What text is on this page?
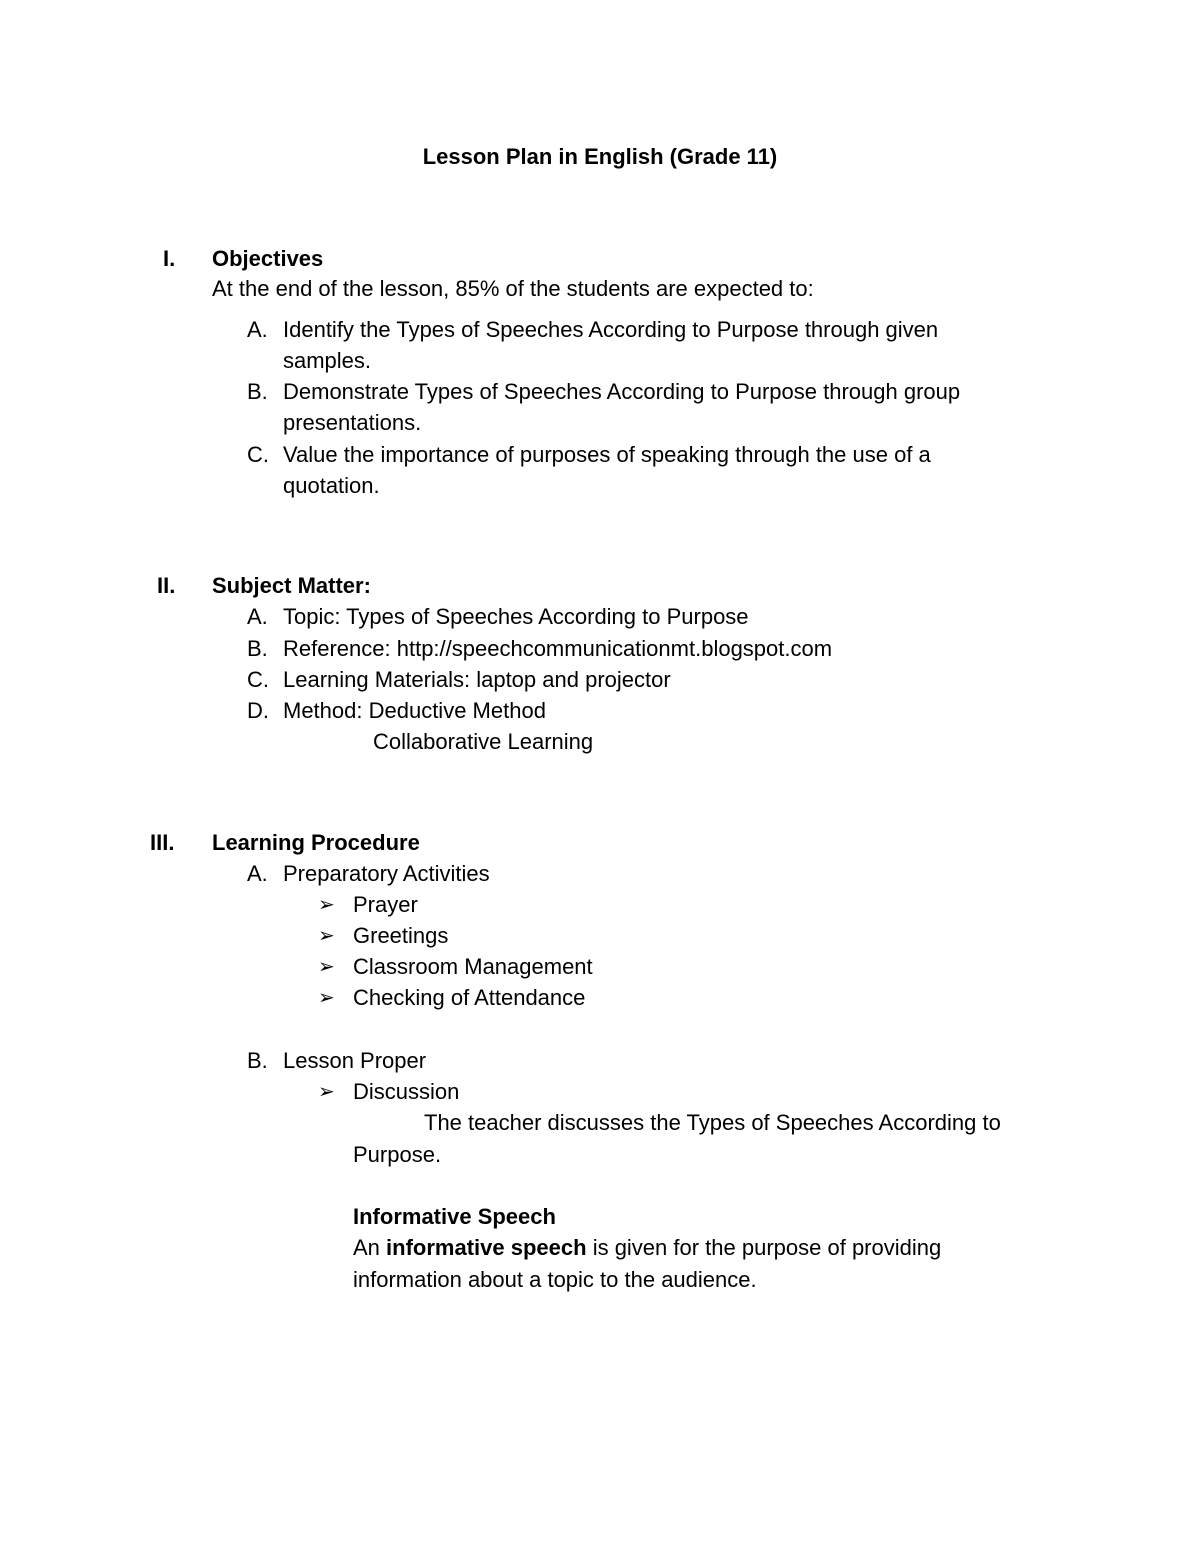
Lesson Plan in English (Grade 11)
I. Objectives
At the end of the lesson, 85% of the students are expected to:
A. Identify the Types of Speeches According to Purpose through given
samples.
B. Demonstrate Types of Speeches According to Purpose through group
presentations.
C. Value the importance of purposes of speaking through the use of a
quotation.
II. Subject Matter:
A. Topic: Types of Speeches According to Purpose
B. Reference: http://speechcommunicationmt.blogspot.com
C. Learning Materials: laptop and projector
D. Method: Deductive Method
Collaborative Learning
III. Learning Procedure
A. Preparatory Activities
➢ Prayer
➢ Greetings
➢ Classroom Management
➢ Checking of Attendance
B. Lesson Proper
➢ Discussion
The teacher discusses the Types of Speeches According to
Purpose.
Informative Speech
An informative speech is given for the purpose of providing
information about a topic to the audience.
